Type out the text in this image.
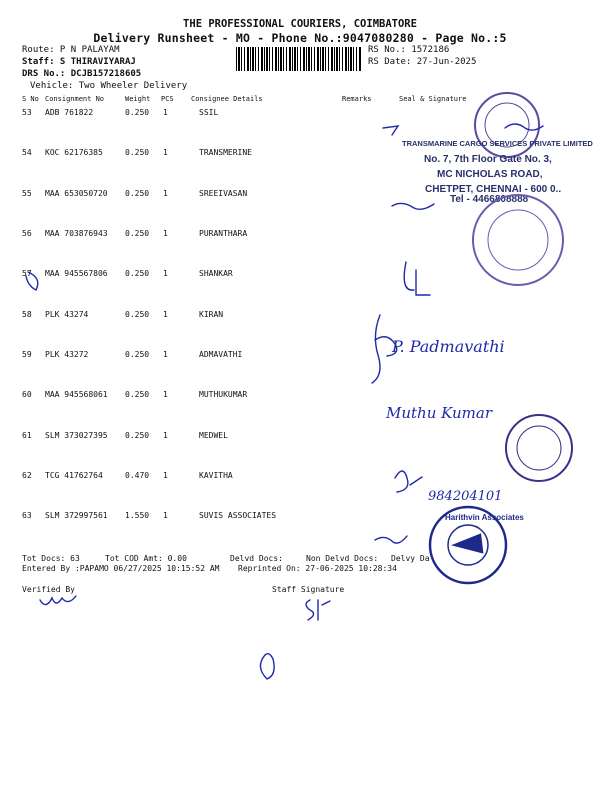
THE PROFESSIONAL COURIERS, COIMBATORE
Delivery Runsheet - MO - Phone No.:9047080280 - Page No.:5
Route: P N PALAYAM
Staff: S THIRAVIYARAJ
DRS No.: DCJB157218605
Vehicle: Two Wheeler Delivery
RS No.: 1572186
RS Date: 27-Jun-2025
S No Consignment No	Weight PCS Consignee Details	Remarks	Seal & Signature
53 ADB 761822	0.250 1	SSIL
54 KOC 62176385	0.250 1	TRANSMERINE
55 MAA 653050720 0.250 1	SREEIVASAN
56 MAA 703876943 0.250 1	PURANTHARA
57 MAA 945567806 0.250 1	SHANKAR
58 PLK 43274	0.250 1	KIRAN
59 PLK 43272	0.250 1	ADMAVATHI
60 MAA 945568061 0.250 1	MUTHUKUMAR
61 SLM 373027395 0.250 1	MEDWEL
62 TCG 41762764	0.470 1	KAVITHA
63 SLM 372997561 1.550 1	SUVIS ASSOCIATES
Tot Docs: 63	Tot COD Amt: 0.00	Delvd Docs:	Non Delvd Docs: Delvy Da
Entered By :PAPAMO 06/27/2025 10:15:52 AM Reprinted On: 27-06-2025 10:28:34
Verified By	Staff Signature
TRANSMARINE CARGO SERVICES PRIVATE LIMITED
No. 7, 7th Floor Gate No. 3,
MC NICHOLAS ROAD,
CHETPET, CHENNAI - 600 0..
Tel - 4466808888
Harithvin Associates
P. Padmavathi
Muthu Kumar
984204101
